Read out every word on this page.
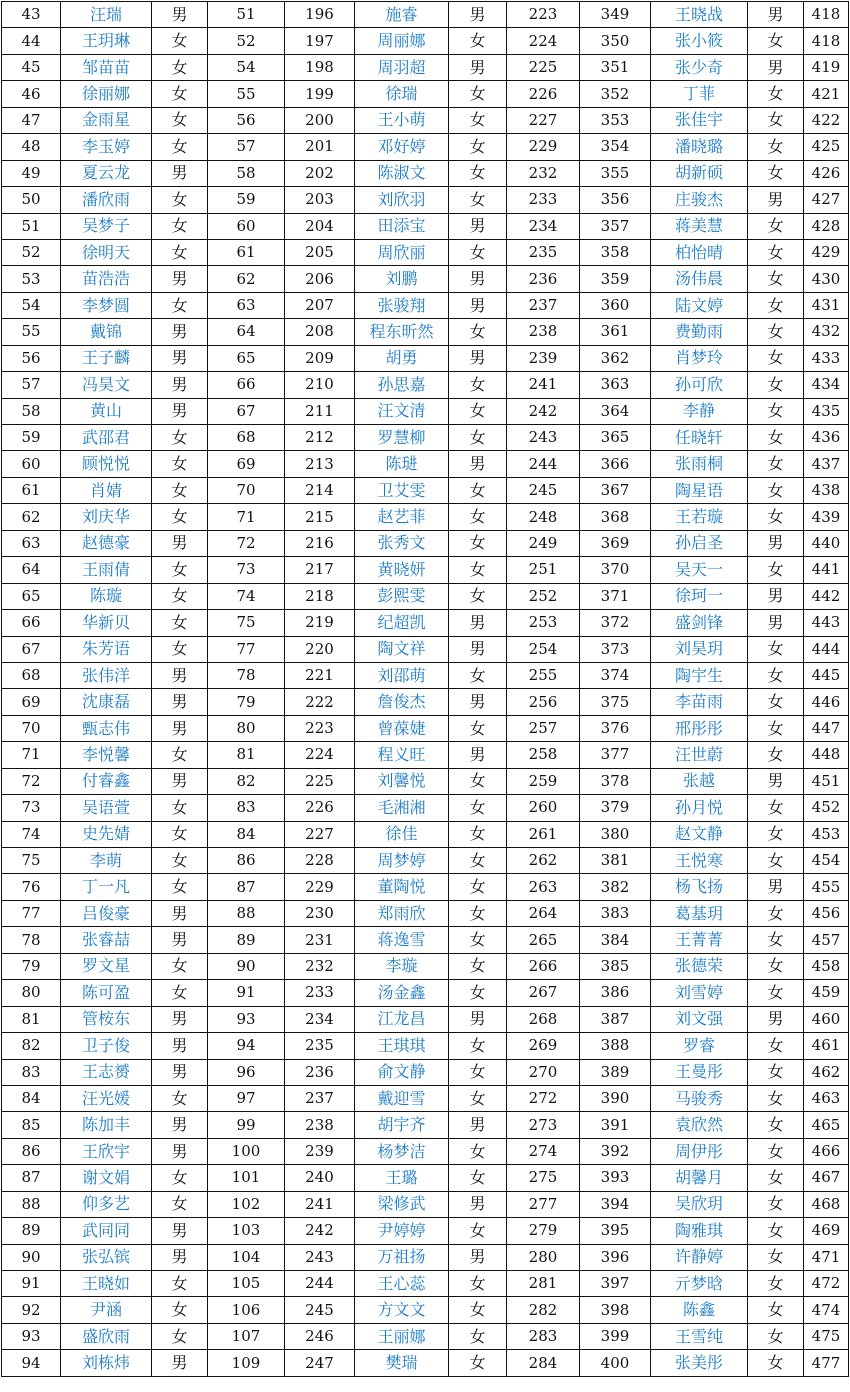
43	汪瑞	男	51	196	施睿	男	223	349	王晓战	男	418
44	王玥琳	女	52	197	周丽娜	女	224	350	张小筱	女	418
45	邹苗苗	女	54	198	周羽超	男	225	351	张少奇	男	419
46	徐丽娜	女	55	199	徐瑞	女	226	352	丁菲	女	421
47	金雨星	女	56	200	王小萌	女	227	353	张佳宇	女	422
48	李玉婷	女	57	201	邓好婷	女	229	354	潘晓璐	女	425
49	夏云龙	男	58	202	陈淑文	女	232	355	胡新硕	女	426
50	潘欣雨	女	59	203	刘欣羽	女	233	356	庄骏杰	男	427
51	吴梦子	女	60	204	田添宝	男	234	357	蒋美慧	女	428
52	徐明天	女	61	205	周欣丽	女	235	358	柏怡晴	女	429
53	苗浩浩	男	62	206	刘鹏	男	236	359	汤伟晨	女	430
54	李梦圆	女	63	207	张骏翔	男	237	360	陆文婷	女	431
55	戴锦	男	64	208	程东昕然	女	238	361	费勤雨	女	432
56	王子麟	男	65	209	胡勇	男	239	362	肖梦玲	女	433
57	冯昊文	男	66	210	孙思嘉	女	241	363	孙可欣	女	434
58	黄山	男	67	211	汪文清	女	242	364	李静	女	435
59	武邵君	女	68	212	罗慧柳	女	243	365	任晓轩	女	436
60	顾悦悦	女	69	213	陈琎	男	244	366	张雨桐	女	437
61	肖婧	女	70	214	卫艾雯	女	245	367	陶星语	女	438
62	刘庆华	女	71	215	赵艺菲	女	248	368	王若璇	女	439
63	赵德豪	男	72	216	张秀文	女	249	369	孙启圣	男	440
64	王雨倩	女	73	217	黄晓妍	女	251	370	吴天一	女	441
65	陈璇	女	74	218	彭熙雯	女	252	371	徐珂一	男	442
66	华新贝	女	75	219	纪超凯	男	253	372	盛剑锋	男	443
67	朱芳语	女	77	220	陶文祥	男	254	373	刘昊玥	女	444
68	张伟洋	男	78	221	刘邵萌	女	255	374	陶宇生	女	445
69	沈康磊	男	79	222	詹俊杰	男	256	375	李苗雨	女	446
70	甄志伟	男	80	223	曾葆婕	女	257	376	邢彤彤	女	447
71	李悦馨	女	81	224	程义旺	男	258	377	汪世蔚	女	448
72	付睿鑫	男	82	225	刘馨悦	女	259	378	张越	男	451
73	吴语萱	女	83	226	毛湘湘	女	260	379	孙月悦	女	452
74	史先婧	女	84	227	徐佳	女	261	380	赵文静	女	453
75	李萌	女	86	228	周梦婷	女	262	381	王悦寒	女	454
76	丁一凡	女	87	229	董陶悦	女	263	382	杨飞扬	男	455
77	吕俊豪	男	88	230	郑雨欣	女	264	383	葛基玥	女	456
78	张睿喆	男	89	231	蒋逸雪	女	265	384	王菁菁	女	457
79	罗文星	女	90	232	李璇	女	266	385	张德荣	女	458
80	陈可盈	女	91	233	汤金鑫	女	267	386	刘雪婷	女	459
81	管桉东	男	93	234	江龙昌	男	268	387	刘文强	男	460
82	卫子俊	男	94	235	王琪琪	女	269	388	罗睿	女	461
83	王志赟	男	96	236	俞文静	女	270	389	王曼彤	女	462
84	汪光媛	女	97	237	戴迎雪	女	272	390	马骏秀	女	463
85	陈加丰	男	99	238	胡宇齐	男	273	391	袁欣然	女	465
86	王欣宇	男	100	239	杨梦洁	女	274	392	周伊彤	女	466
87	谢文娟	女	101	240	王璐	女	275	393	胡馨月	女	467
88	仰多艺	女	102	241	梁修武	男	277	394	吴欣玥	女	468
89	武同同	男	103	242	尹婷婷	女	279	395	陶雅琪	女	469
90	张弘镔	男	104	243	万祖扬	男	280	396	许静婷	女	471
91	王晓如	女	105	244	王心蕊	女	281	397	亓梦晗	女	472
92	尹涵	女	106	245	方文文	女	282	398	陈鑫	女	474
93	盛欣雨	女	107	246	王丽娜	女	283	399	王雪纯	女	475
94	刘栋炜	男	109	247	樊瑞	女	284	400	张美彤	女	477
